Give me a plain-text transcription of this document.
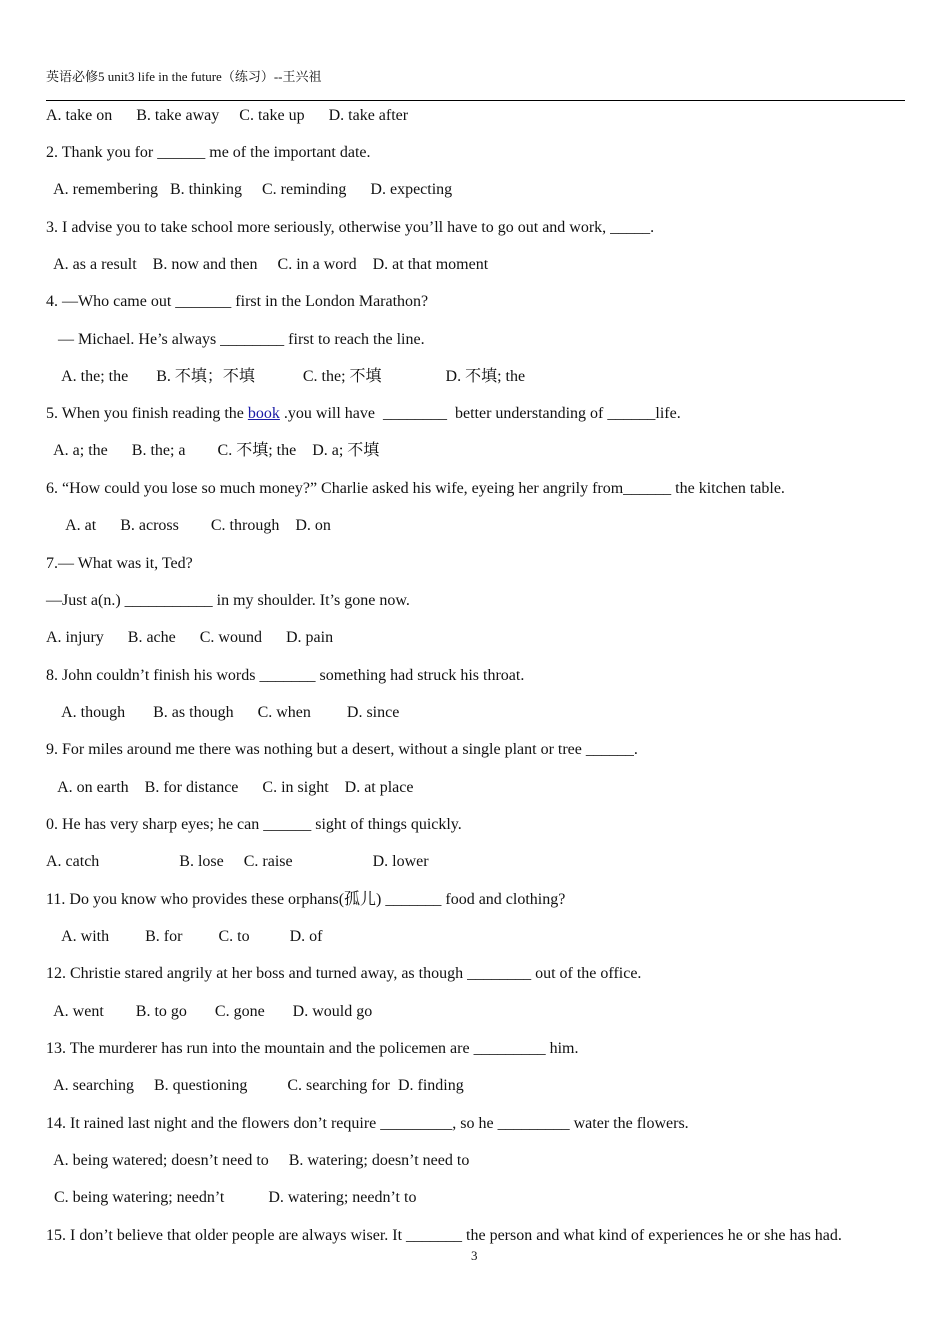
英语必修5 unit3 life in the future（练习）--王兴祖
A. take on      B. take away     C. take up      D. take after
2. Thank you for ______ me of the important date.
A. remembering   B. thinking     C. reminding      D. expecting
3. I advise you to take school more seriously, otherwise you’ll have to go out and work, _____.
A. as a result    B. now and then     C. in a word    D. at that moment
4. —Who came out _______ first in the London Marathon?
— Michael. He’s always ________ first to reach the line.
A. the; the       B. 不填；不填            C. the; 不填                D. 不填; the
5. When you finish reading the book .you will have  ________  better understanding of ______life.
A. a; the      B. the; a        C. 不填; the    D. a; 不填
6. “How could you lose so much money?” Charlie asked his wife, eyeing her angrily from______ the kitchen table.
A. at      B. across        C. through    D. on
7.— What was it, Ted?
—Just a(n.) ___________ in my shoulder. It’s gone now.
A. injury      B. ache      C. wound      D. pain
8. John couldn’t finish his words _______ something had struck his throat.
A. though       B. as though      C. when         D. since
9. For miles around me there was nothing but a desert, without a single plant or tree ______.
A. on earth    B. for distance      C. in sight    D. at place
0. He has very sharp eyes; he can ______ sight of things quickly.
A. catch                    B. lose     C. raise                    D. lower
11. Do you know who provides these orphans(孤儿) _______ food and clothing?
A. with         B. for         C. to          D. of
12. Christie stared angrily at her boss and turned away, as though ________ out of the office.
A. went        B. to go       C. gone       D. would go
13. The murderer has run into the mountain and the policemen are _________ him.
A. searching     B. questioning          C. searching for  D. finding
14. It rained last night and the flowers don’t require _________, so he _________ water the flowers.
A. being watered; doesn’t need to     B. watering; doesn’t need to
C. being watering; needn’t           D. watering; needn’t to
15. I don’t believe that older people are always wiser. It _______ the person and what kind of experiences he or she has had.
3
